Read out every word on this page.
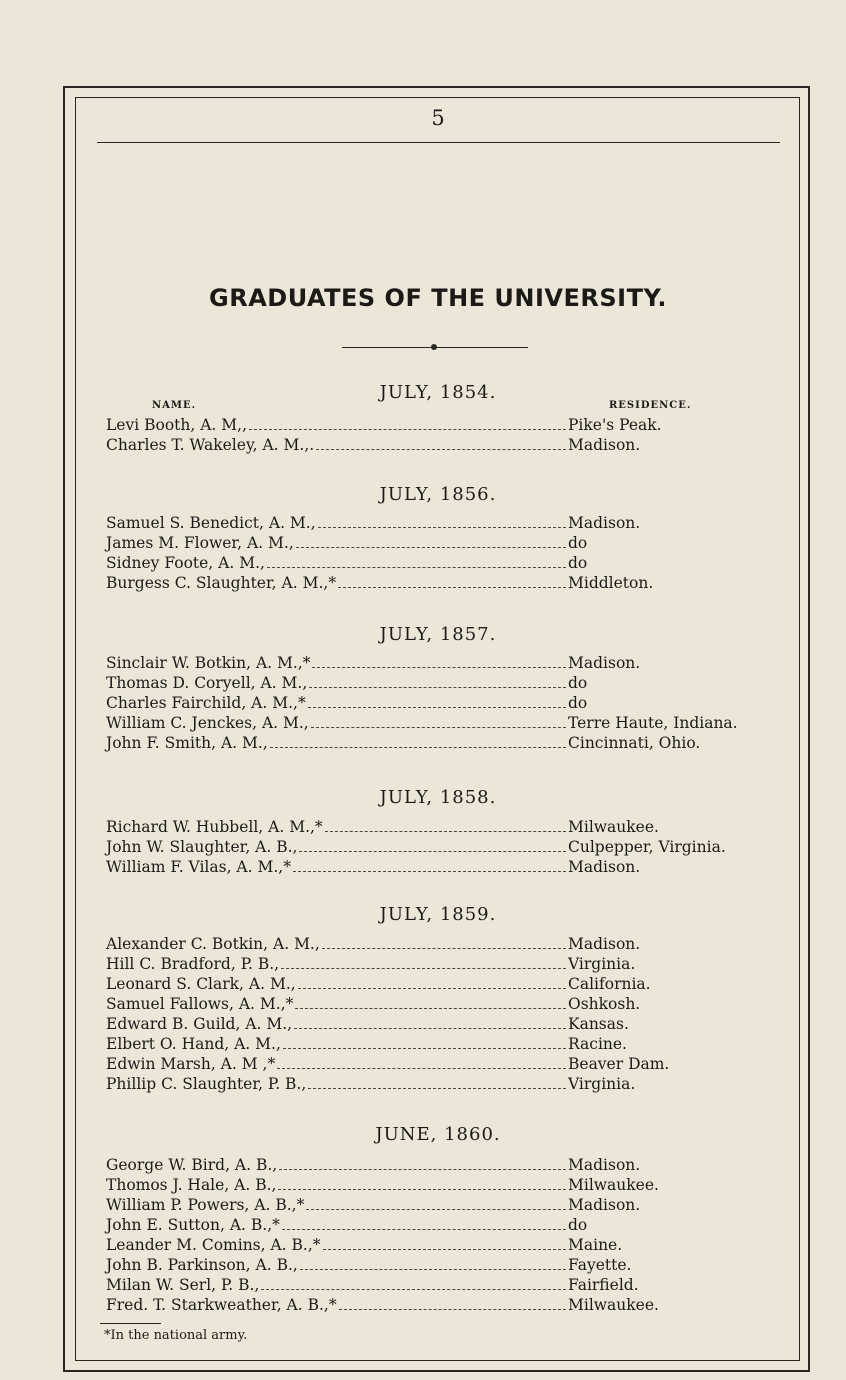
5
GRADUATES OF THE UNIVERSITY.
NAME.	RESIDENCE.
JULY, 1854.
Levi Booth, A. M,,	Pike's Peak.
Charles T. Wakeley, A. M.,.	Madison.
JULY, 1856.
Samuel S. Benedict, A. M.,	Madison.
James M. Flower, A. M.,	do
Sidney Foote, A. M.,	do
Burgess C. Slaughter, A. M.,*	Middleton.
JULY, 1857.
Sinclair W. Botkin, A. M.,*	Madison.
Thomas D. Coryell, A. M.,	do
Charles Fairchild, A. M.,*	do
William C. Jenckes, A. M.,	Terre Haute, Indiana.
John F. Smith, A. M.,	Cincinnati, Ohio.
JULY, 1858.
Richard W. Hubbell, A. M.,*	Milwaukee.
John W. Slaughter, A. B.,	Culpepper, Virginia.
William F. Vilas, A. M.,*	Madison.
JULY, 1859.
Alexander C. Botkin, A. M.,	Madison.
Hill C. Bradford, P. B.,	Virginia.
Leonard S. Clark, A. M.,	California.
Samuel Fallows, A. M.,*	Oshkosh.
Edward B. Guild, A. M.,	Kansas.
Elbert O. Hand, A. M.,	Racine.
Edwin Marsh, A. M ,*	Beaver Dam.
Phillip C. Slaughter, P. B.,	Virginia.
JUNE, 1860.
George W. Bird, A. B.,	Madison.
Thomos J. Hale, A. B.,	Milwaukee.
William P. Powers, A. B.,*	Madison.
John E. Sutton, A. B.,*	do
Leander M. Comins, A. B.,*	Maine.
John B. Parkinson, A. B.,	Fayette.
Milan W. Serl, P. B.,	Fairfield.
Fred. T. Starkweather, A. B.,*	Milwaukee.
*In the national army.
